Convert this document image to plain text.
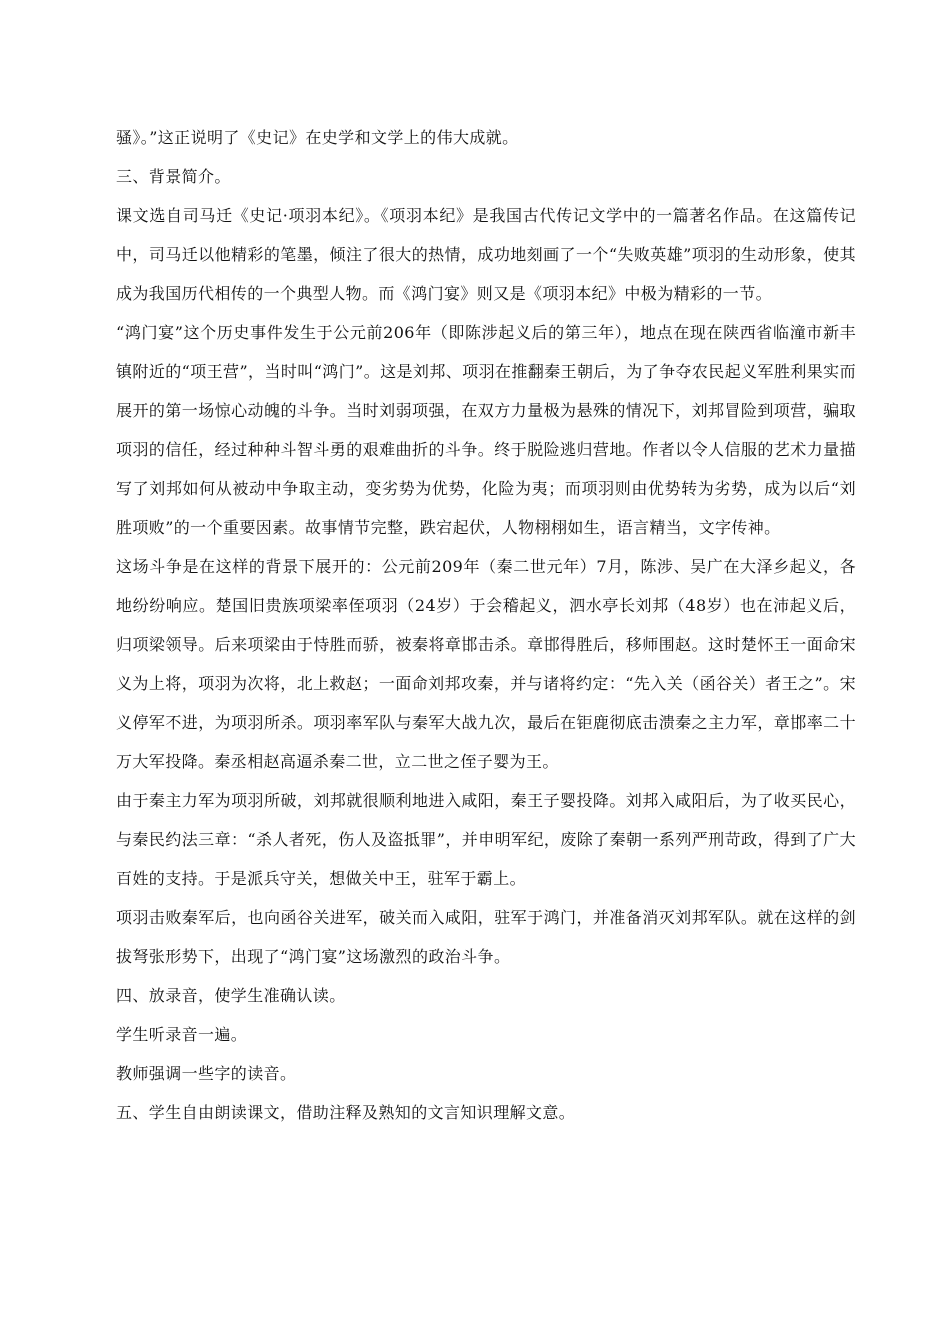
骚》。”这正说明了《史记》在史学和文学上的伟大成就。

三、背景简介。

课文选自司马迁《史记·项羽本纪》。《项羽本纪》是我国古代传记文学中的一篇著名作品。在这篇传记中，司马迁以他精彩的笔墨，倾注了很大的热情，成功地刻画了一个“失败英雄”项羽的生动形象，使其成为我国历代相传的一个典型人物。而《鸿门宴》则又是《项羽本纪》中极为精彩的一节。

“鸿门宴”这个历史事件发生于公元前206年（即陈涉起义后的第三年），地点在现在陕西省临潼市新丰镇附近的“项王营”，当时叫“鸿门”。这是刘邦、项羽在推翻秦王朝后，为了争夺农民起义军胜利果实而展开的第一场惊心动魄的斗争。当时刘弱项强，在双方力量极为悬殊的情况下，刘邦冒险到项营，骗取项羽的信任，经过种种斗智斗勇的艰难曲折的斗争。终于脱险逃归营地。作者以令人信服的艺术力量描写了刘邦如何从被动中争取主动，变劣势为优势，化险为夷；而项羽则由优势转为劣势，成为以后“刘胜项败”的一个重要因素。故事情节完整，跌宕起伏，人物栩栩如生，语言精当，文字传神。

这场斗争是在这样的背景下展开的：公元前209年（秦二世元年）7月，陈涉、吴广在大泽乡起义，各地纷纷响应。楚国旧贵族项梁率侄项羽（24岁）于会稽起义，泗水亭长刘邦（48岁）也在沛起义后，归项梁领导。后来项梁由于恃胜而骄，被秦将章邯击杀。章邯得胜后，移师围赵。这时楚怀王一面命宋义为上将，项羽为次将，北上救赵；一面命刘邦攻秦，并与诸将约定：“先入关（函谷关）者王之”。宋义停军不进，为项羽所杀。项羽率军队与秦军大战九次，最后在钜鹿彻底击溃秦之主力军，章邯率二十万大军投降。秦丞相赵高逼杀秦二世，立二世之侄子婴为王。

由于秦主力军为项羽所破，刘邦就很顺利地进入咸阳，秦王子婴投降。刘邦入咸阳后，为了收买民心，与秦民约法三章：“杀人者死，伤人及盗抵罪”，并申明军纪，废除了秦朝一系列严刑苛政，得到了广大百姓的支持。于是派兵守关，想做关中王，驻军于霸上。

项羽击败秦军后，也向函谷关进军，破关而入咸阳，驻军于鸿门，并准备消灭刘邦军队。就在这样的剑拔弩张形势下，出现了“鸿门宴”这场激烈的政治斗争。

四、放录音，使学生准确认读。

学生听录音一遍。

教师强调一些字的读音。

五、学生自由朗读课文，借助注释及熟知的文言知识理解文意。
